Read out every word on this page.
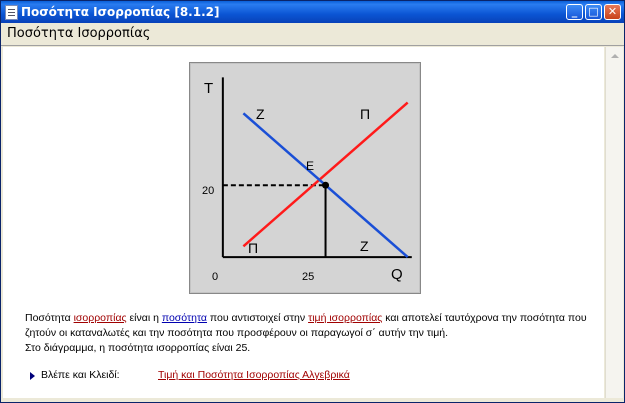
Ποσότητα Ισορροπίας [8.1.2]	_	□ ✕
Ποσότητα Ισορροπίας
Τ
Q
0
Ζ	Π
Ε
20
25
Π	Ζ
Ποσότητα ισορροπίας είναι η ποσότητα που αντιστοιχεί στην τιμή ισορροπίας και αποτελεί ταυτόχρονα την ποσότητα που ζητούν οι καταναλωτές και την ποσότητα που προσφέρουν οι παραγωγοί σ΄ αυτήν την τιμή.
Στο διάγραμμα, η ποσότητα ισορροπίας είναι 25.
Βλέπε και Κλειδί:	Τιμή και Ποσότητα Ισορροπίας Αλγεβρικά
